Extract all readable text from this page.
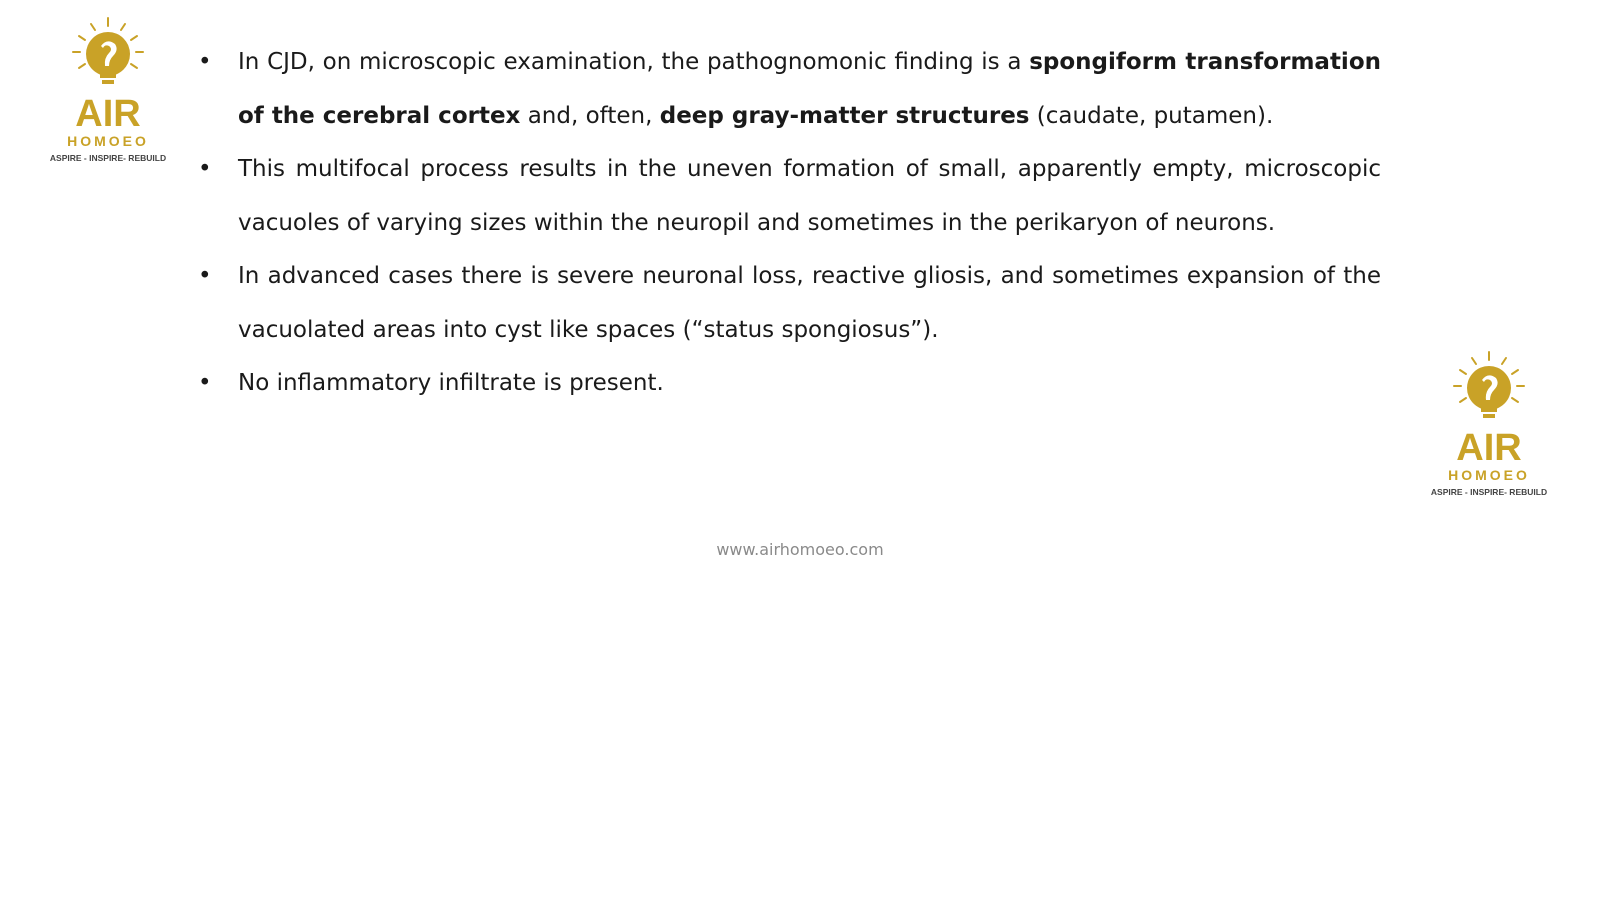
AIR
HOMOEO
ASPIRE - INSPIRE- REBUILD
AIR
HOMOEO
ASPIRE - INSPIRE- REBUILD
• In CJD, on microscopic examination, the pathognomonic finding is a spongiform transformation of the cerebral cortex and, often, deep gray-matter structures (caudate, putamen).
• This multifocal process results in the uneven formation of small, apparently empty, microscopic vacuoles of varying sizes within the neuropil and sometimes in the perikaryon of neurons.
• In advanced cases there is severe neuronal loss, reactive gliosis, and sometimes expansion of the vacuolated areas into cyst like spaces (“status spongiosus”).
• No inflammatory infiltrate is present.
www.airhomoeo.com
